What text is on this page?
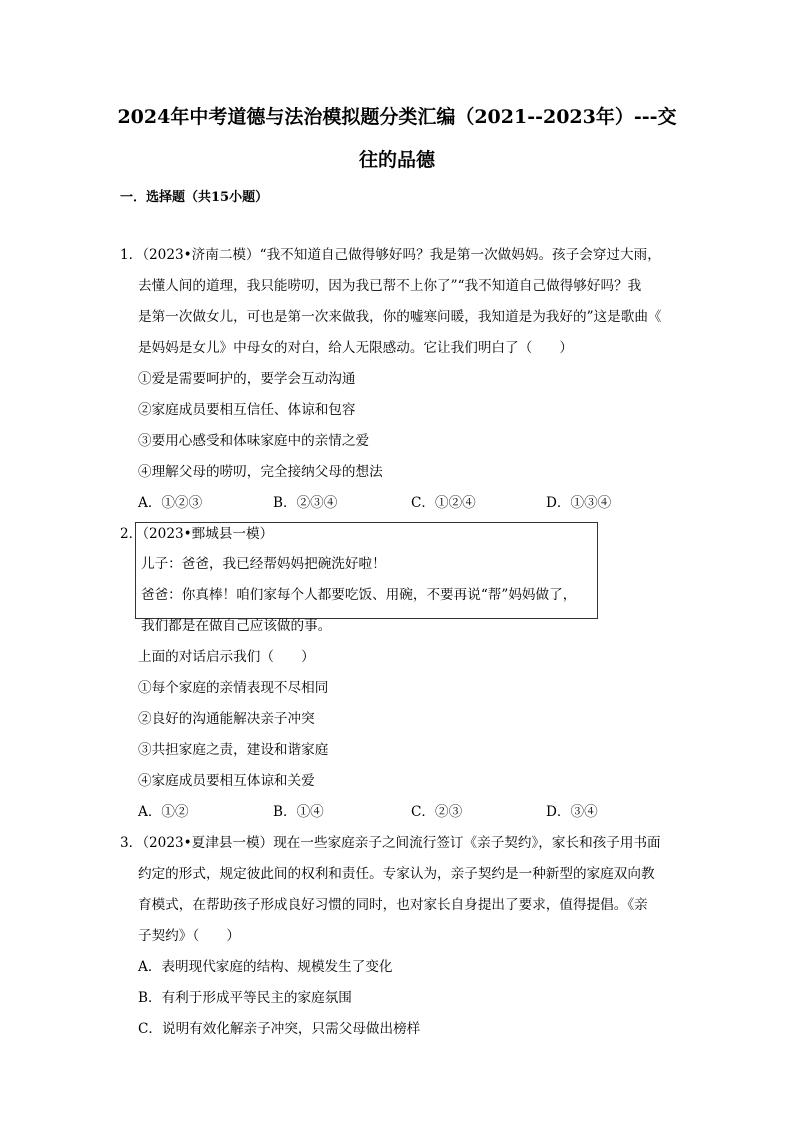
2024年中考道德与法治模拟题分类汇编（2021--2023年）---交
往的品德
一．选择题（共15小题）
1．（2023•济南二模）“我不知道自己做得够好吗？我是第一次做妈妈。孩子会穿过大雨，
去懂人间的道理，我只能唠叨，因为我已帮不上你了”“我不知道自己做得够好吗？我
是第一次做女儿，可也是第一次来做我，你的嘘寒问暖，我知道是为我好的”这是歌曲《
是妈妈是女儿》中母女的对白，给人无限感动。它让我们明白了（　　）
①爱是需要呵护的，要学会互动沟通
②家庭成员要相互信任、体谅和包容
③要用心感受和体味家庭中的亲情之爱
④理解父母的唠叨，完全接纳父母的想法
A．①②③	B．②③④	C．①②④	D．①③④
2．（2023•鄄城县一模）
儿子：爸爸，我已经帮妈妈把碗洗好啦！
爸爸：你真棒！咱们家每个人都要吃饭、用碗，不要再说“帮”妈妈做了，
我们都是在做自己应该做的事。
上面的对话启示我们（　　）
①每个家庭的亲情表现不尽相同
②良好的沟通能解决亲子冲突
③共担家庭之责，建设和谐家庭
④家庭成员要相互体谅和关爱
A．①②	B．①④	C．②③	D．③④
3．（2023•夏津县一模）现在一些家庭亲子之间流行签订《亲子契约》，家长和孩子用书面
约定的形式，规定彼此间的权利和责任。专家认为，亲子契约是一种新型的家庭双向教
育模式，在帮助孩子形成良好习惯的同时，也对家长自身提出了要求，值得提倡。《亲
子契约》（　　）
A．表明现代家庭的结构、规模发生了变化
B．有利于形成平等民主的家庭氛围
C．说明有效化解亲子冲突，只需父母做出榜样
